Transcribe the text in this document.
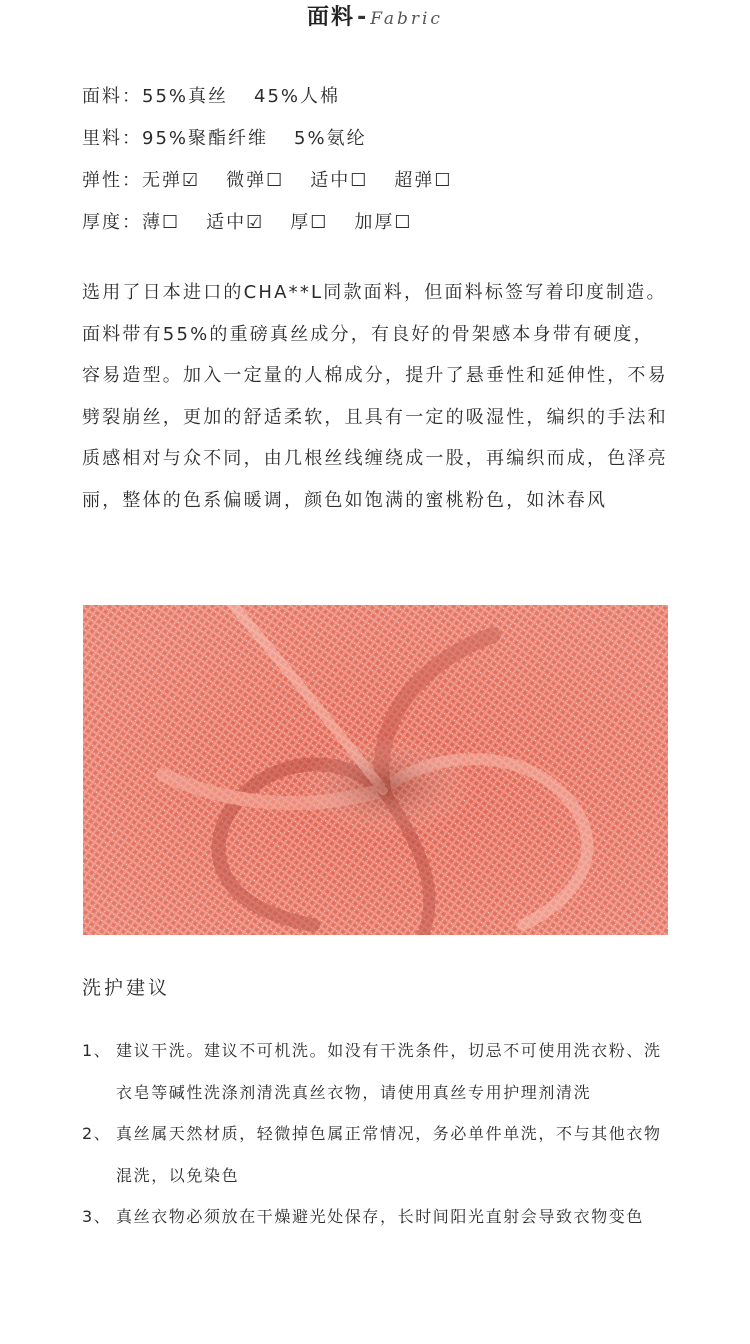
面料- Fabric
面料：55%真丝 45%人棉
里料：95%聚酯纤维 5%氨纶
弹性：无弹☑ 微弹☐ 适中☐ 超弹☐
厚度：薄☐ 适中☑ 厚☐ 加厚☐

选用了日本进口的CHA**L同款面料，但面料标签写着印度制造。面料带有55%的重磅真丝成分，有良好的骨架感本身带有硬度，容易造型。加入一定量的人棉成分，提升了悬垂性和延伸性，不易劈裂崩丝，更加的舒适柔软，且具有一定的吸湿性，编织的手法和质感相对与众不同，由几根丝线缠绕成一股，再编织而成，色泽亮丽，整体的色系偏暖调，颜色如饱满的蜜桃粉色，如沐春风

洗护建议
1、 建议干洗。建议不可机洗。如没有干洗条件，切忌不可使用洗衣粉、洗衣皂等碱性洗涤剂清洗真丝衣物，请使用真丝专用护理剂清洗
2、 真丝属天然材质，轻微掉色属正常情况，务必单件单洗，不与其他衣物混洗，以免染色
3、 真丝衣物必须放在干燥避光处保存，长时间阳光直射会导致衣物变色
